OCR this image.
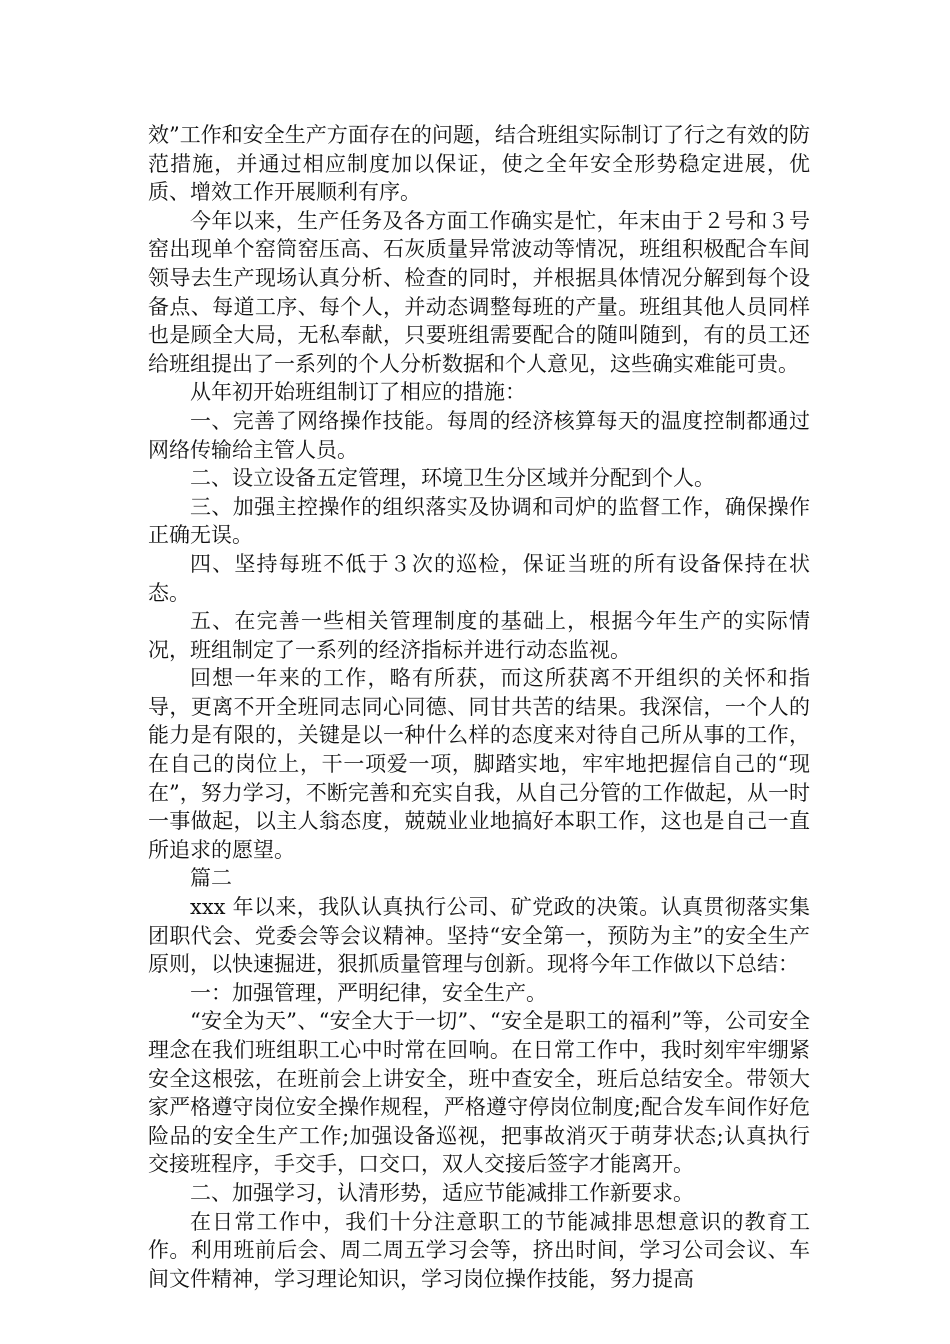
效”工作和安全生产方面存在的问题，结合班组实际制订了行之有效的防范措施，并通过相应制度加以保证，使之全年安全形势稳定进展，优质、增效工作开展顺利有序。

今年以来，生产任务及各方面工作确实是忙，年末由于２号和３号窑出现单个窑筒窑压高、石灰质量异常波动等情况，班组积极配合车间领导去生产现场认真分析、检查的同时，并根据具体情况分解到每个设备点、每道工序、每个人，并动态调整每班的产量。班组其他人员同样也是顾全大局，无私奉献，只要班组需要配合的随叫随到，有的员工还给班组提出了一系列的个人分析数据和个人意见，这些确实难能可贵。

从年初开始班组制订了相应的措施：

一、完善了网络操作技能。每周的经济核算每天的温度控制都通过网络传输给主管人员。

二、设立设备五定管理，环境卫生分区域并分配到个人。

三、加强主控操作的组织落实及协调和司炉的监督工作，确保操作正确无误。

四、坚持每班不低于３次的巡检，保证当班的所有设备保持在状态。

五、在完善一些相关管理制度的基础上，根据今年生产的实际情况，班组制定了一系列的经济指标并进行动态监视。

回想一年来的工作，略有所获，而这所获离不开组织的关怀和指导，更离不开全班同志同心同德、同甘共苦的结果。我深信，一个人的能力是有限的，关键是以一种什么样的态度来对待自己所从事的工作，在自己的岗位上，干一项爱一项，脚踏实地，牢牢地把握信自己的“现在”，努力学习，不断完善和充实自我，从自己分管的工作做起，从一时一事做起，以主人翁态度，兢兢业业地搞好本职工作，这也是自己一直所追求的愿望。

篇二

xxx 年以来，我队认真执行公司、矿党政的决策。认真贯彻落实集团职代会、党委会等会议精神。坚持“安全第一，预防为主”的安全生产原则，以快速掘进，狠抓质量管理与创新。现将今年工作做以下总结：

一：加强管理，严明纪律，安全生产。

“安全为天”、“安全大于一切”、“安全是职工的福利”等，公司安全理念在我们班组职工心中时常在回响。在日常工作中，我时刻牢牢绷紧安全这根弦，在班前会上讲安全，班中查安全，班后总结安全。带领大家严格遵守岗位安全操作规程，严格遵守停岗位制度;配合发车间作好危险品的安全生产工作;加强设备巡视，把事故消灭于萌芽状态;认真执行交接班程序，手交手，口交口，双人交接后签字才能离开。

二、加强学习，认清形势，适应节能减排工作新要求。

在日常工作中，我们十分注意职工的节能减排思想意识的教育工作。利用班前后会、周二周五学习会等，挤出时间，学习公司会议、车间文件精神，学习理论知识，学习岗位操作技能，努力提高
